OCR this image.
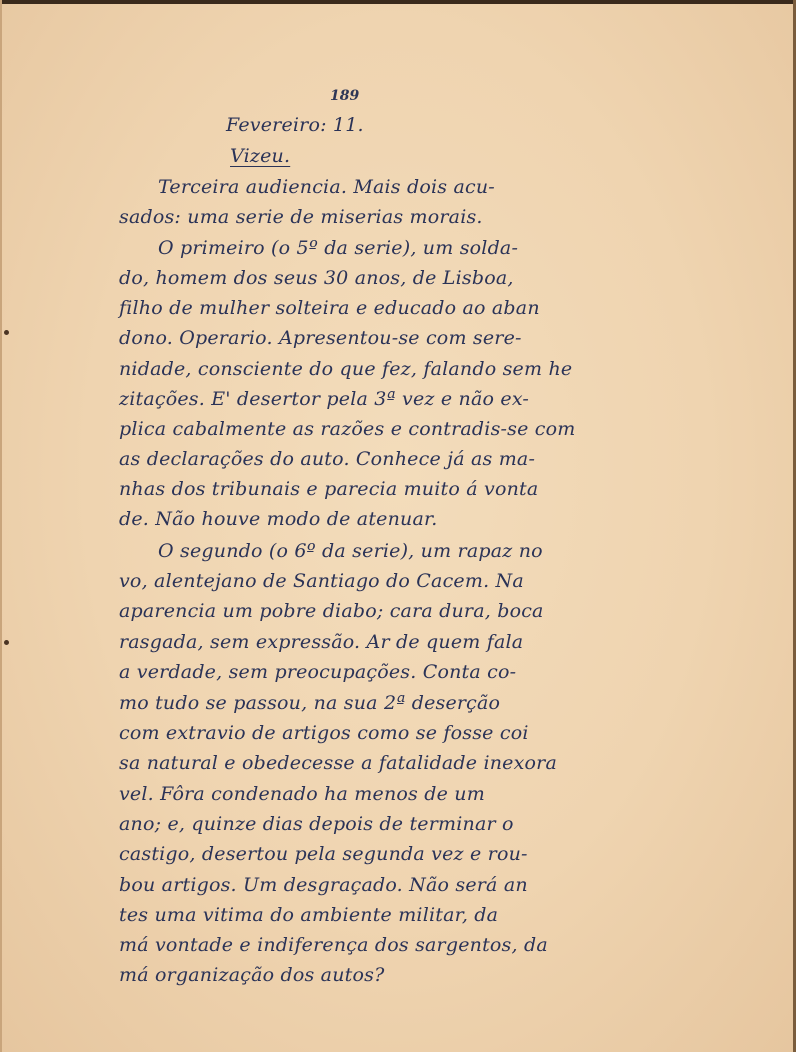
189
Fevereiro: 11.
Vizeu.
Terceira audiencia. Mais dois acu-
sados: uma serie de miserias morais.
O primeiro (o 5º da serie), um solda-
do, homem dos seus 30 anos, de Lisboa,
filho de mulher solteira e educado ao aban
dono. Operario. Apresentou-se com sere-
nidade, consciente do que fez, falando sem he
zitações. E' desertor pela 3ª vez e não ex-
plica cabalmente as razões e contradis-se com
as declarações do auto. Conhece já as ma-
nhas dos tribunais e parecia muito á vonta
de. Não houve modo de atenuar.
O segundo (o 6º da serie), um rapaz no
vo, alentejano de Santiago do Cacem. Na
aparencia um pobre diabo; cara dura, boca
rasgada, sem expressão. Ar de quem fala
a verdade, sem preocupações. Conta co-
mo tudo se passou, na sua 2ª deserção
com extravio de artigos como se fosse coi
sa natural e obedecesse a fatalidade inexora
vel. Fôra condenado ha menos de um
ano; e, quinze dias depois de terminar o
castigo, desertou pela segunda vez e rou-
bou artigos. Um desgraçado. Não será an
tes uma vitima do ambiente militar, da
má vontade e indiferença dos sargentos, da
má organização dos autos?
